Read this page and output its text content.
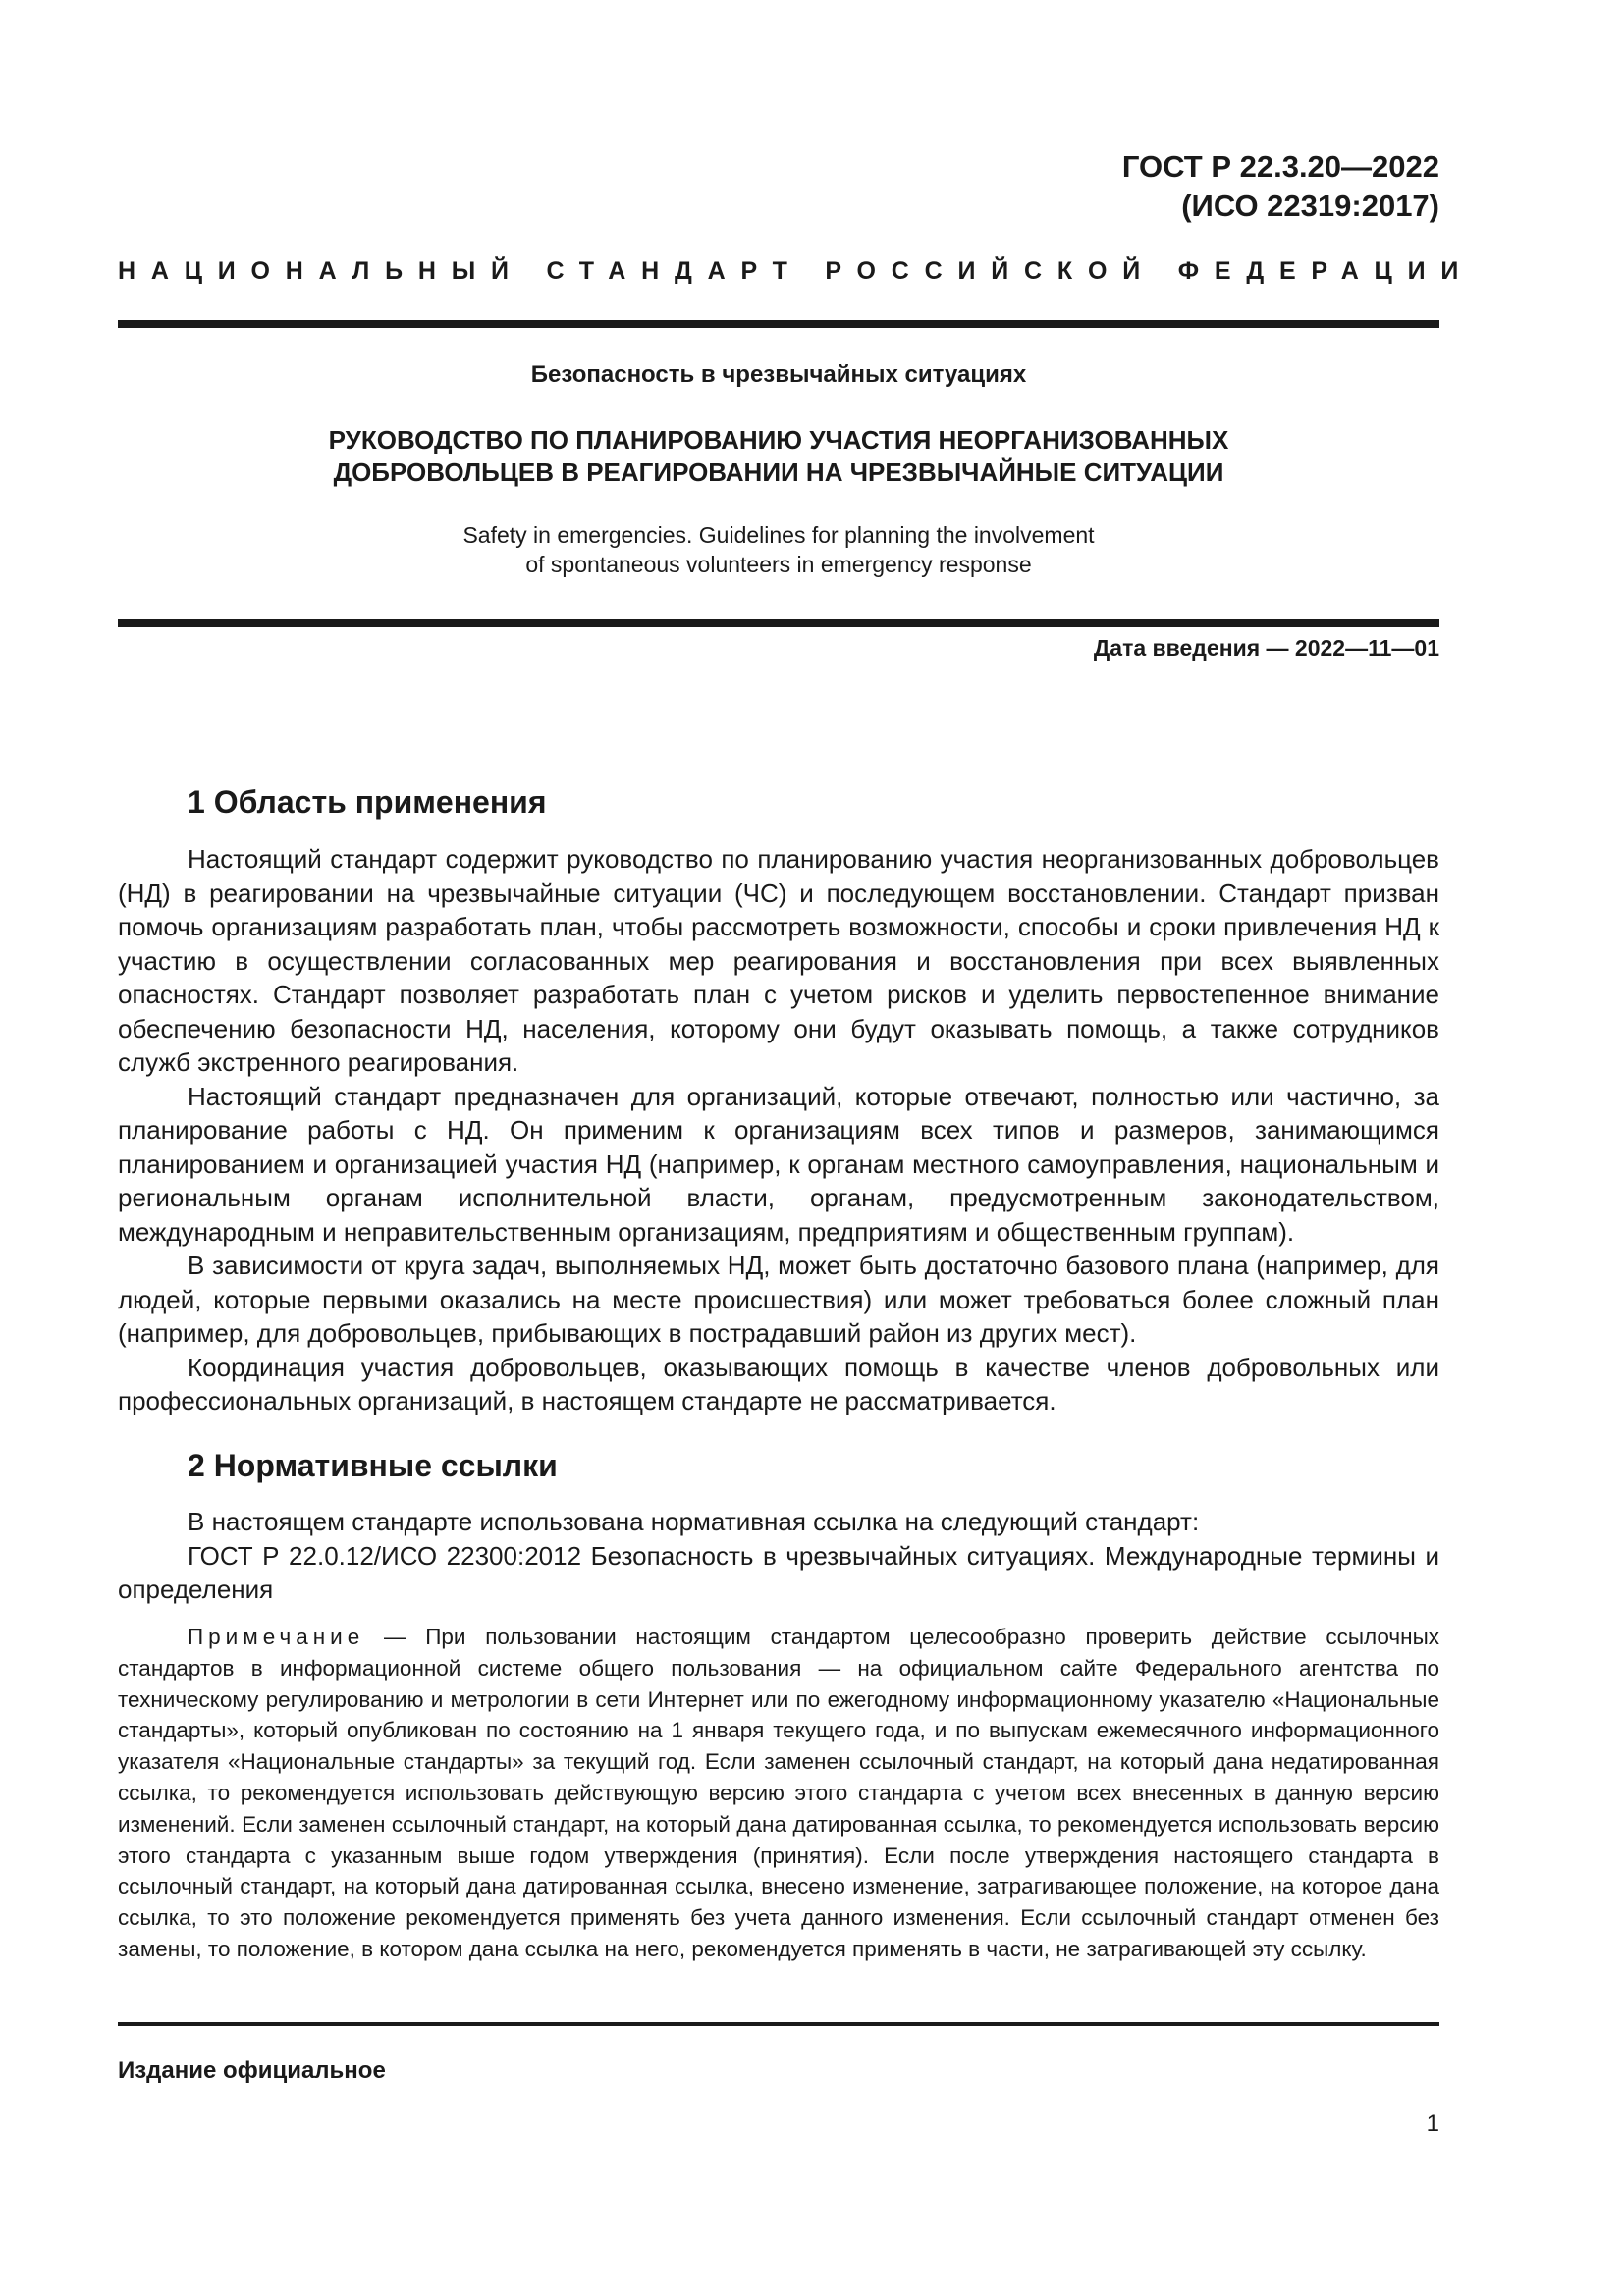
ГОСТ Р 22.3.20—2022
(ИСО 22319:2017)
НАЦИОНАЛЬНЫЙ СТАНДАРТ РОССИЙСКОЙ ФЕДЕРАЦИИ
Безопасность в чрезвычайных ситуациях
РУКОВОДСТВО ПО ПЛАНИРОВАНИЮ УЧАСТИЯ НЕОРГАНИЗОВАННЫХ
ДОБРОВОЛЬЦЕВ В РЕАГИРОВАНИИ НА ЧРЕЗВЫЧАЙНЫЕ СИТУАЦИИ
Safety in emergencies. Guidelines for planning the involvement
of spontaneous volunteers in emergency response
Дата введения — 2022—11—01
1 Область применения

Настоящий стандарт содержит руководство по планированию участия неорганизованных добровольцев (НД) в реагировании на чрезвычайные ситуации (ЧС) и последующем восстановлении. Стандарт призван помочь организациям разработать план, чтобы рассмотреть возможности, способы и сроки привлечения НД к участию в осуществлении согласованных мер реагирования и восстановления при всех выявленных опасностях. Стандарт позволяет разработать план с учетом рисков и уделить первостепенное внимание обеспечению безопасности НД, населения, которому они будут оказывать помощь, а также сотрудников служб экстренного реагирования.

Настоящий стандарт предназначен для организаций, которые отвечают, полностью или частично, за планирование работы с НД. Он применим к организациям всех типов и размеров, занимающимся планированием и организацией участия НД (например, к органам местного самоуправления, национальным и региональным органам исполнительной власти, органам, предусмотренным законодательством, международным и неправительственным организациям, предприятиям и общественным группам).

В зависимости от круга задач, выполняемых НД, может быть достаточно базового плана (например, для людей, которые первыми оказались на месте происшествия) или может требоваться более сложный план (например, для добровольцев, прибывающих в пострадавший район из других мест).

Координация участия добровольцев, оказывающих помощь в качестве членов добровольных или профессиональных организаций, в настоящем стандарте не рассматривается.

2 Нормативные ссылки

В настоящем стандарте использована нормативная ссылка на следующий стандарт:

ГОСТ Р 22.0.12/ИСО 22300:2012 Безопасность в чрезвычайных ситуациях. Международные термины и определения

Примечание — При пользовании настоящим стандартом целесообразно проверить действие ссылочных стандартов в информационной системе общего пользования — на официальном сайте Федерального агентства по техническому регулированию и метрологии в сети Интернет или по ежегодному информационному указателю «Национальные стандарты», который опубликован по состоянию на 1 января текущего года, и по выпускам ежемесячного информационного указателя «Национальные стандарты» за текущий год. Если заменен ссылочный стандарт, на который дана недатированная ссылка, то рекомендуется использовать действующую версию этого стандарта с учетом всех внесенных в данную версию изменений. Если заменен ссылочный стандарт, на который дана датированная ссылка, то рекомендуется использовать версию этого стандарта с указанным выше годом утверждения (принятия). Если после утверждения настоящего стандарта в ссылочный стандарт, на который дана датированная ссылка, внесено изменение, затрагивающее положение, на которое дана ссылка, то это положение рекомендуется применять без учета данного изменения. Если ссылочный стандарт отменен без замены, то положение, в котором дана ссылка на него, рекомендуется применять в части, не затрагивающей эту ссылку.

Издание официальное
1
